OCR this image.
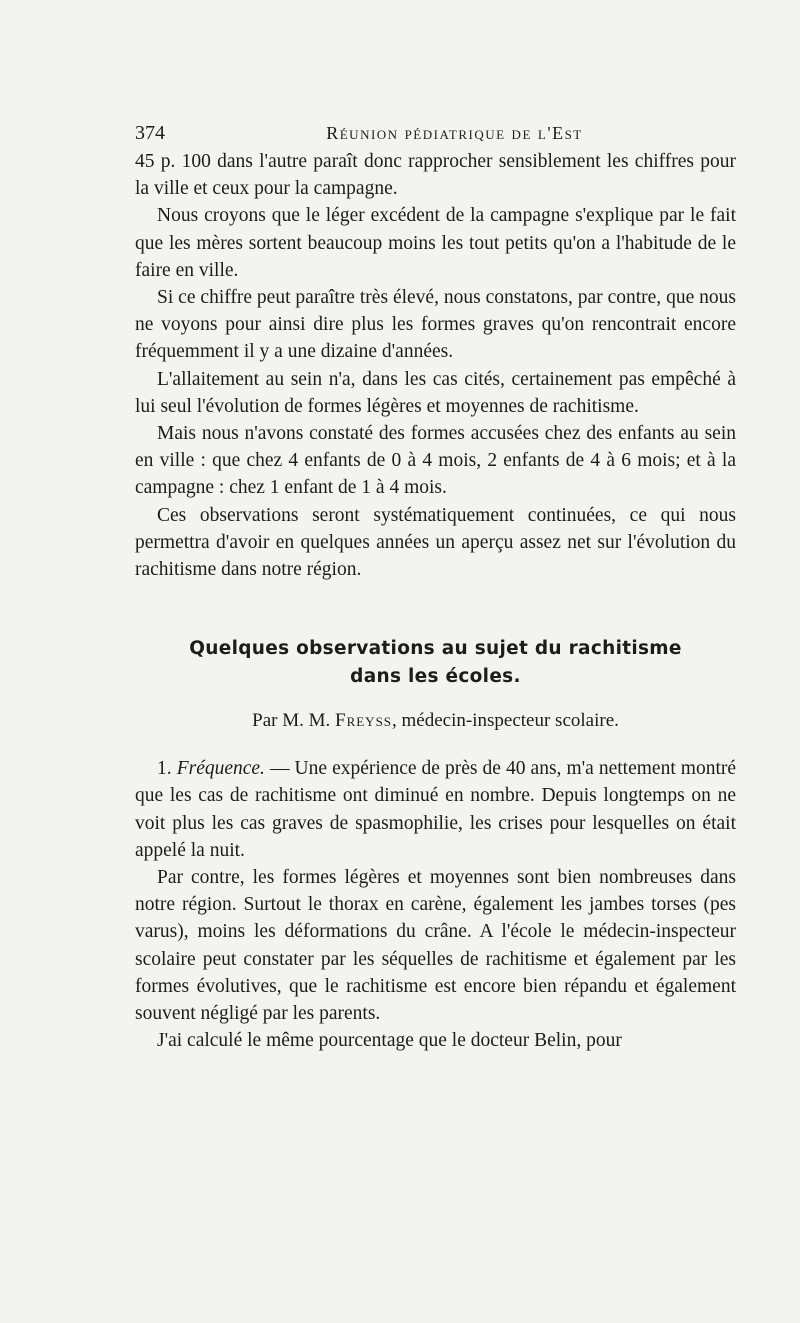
374	Réunion pédiatrique de l'Est

45 p. 100 dans l'autre paraît donc rapprocher sensiblement les chiffres pour la ville et ceux pour la campagne.

Nous croyons que le léger excédent de la campagne s'explique par le fait que les mères sortent beaucoup moins les tout petits qu'on a l'habitude de le faire en ville.

Si ce chiffre peut paraître très élevé, nous constatons, par contre, que nous ne voyons pour ainsi dire plus les formes graves qu'on rencontrait encore fréquemment il y a une dizaine d'années.

L'allaitement au sein n'a, dans les cas cités, certainement pas empêché à lui seul l'évolution de formes légères et moyennes de rachitisme.

Mais nous n'avons constaté des formes accusées chez des enfants au sein en ville : que chez 4 enfants de 0 à 4 mois, 2 enfants de 4 à 6 mois; et à la campagne : chez 1 enfant de 1 à 4 mois.

Ces observations seront systématiquement continuées, ce qui nous permettra d'avoir en quelques années un aperçu assez net sur l'évolution du rachitisme dans notre région.

Quelques observations au sujet du rachitisme
dans les écoles.
Par M. M. Freyss, médecin-inspecteur scolaire.

1. Fréquence. — Une expérience de près de 40 ans, m'a nettement montré que les cas de rachitisme ont diminué en nombre. Depuis longtemps on ne voit plus les cas graves de spasmophilie, les crises pour lesquelles on était appelé la nuit.

Par contre, les formes légères et moyennes sont bien nombreuses dans notre région. Surtout le thorax en carène, également les jambes torses (pes varus), moins les déformations du crâne. A l'école le médecin-inspecteur scolaire peut constater par les séquelles de rachitisme et également par les formes évolutives, que le rachitisme est encore bien répandu et également souvent négligé par les parents.

J'ai calculé le même pourcentage que le docteur Belin, pour
